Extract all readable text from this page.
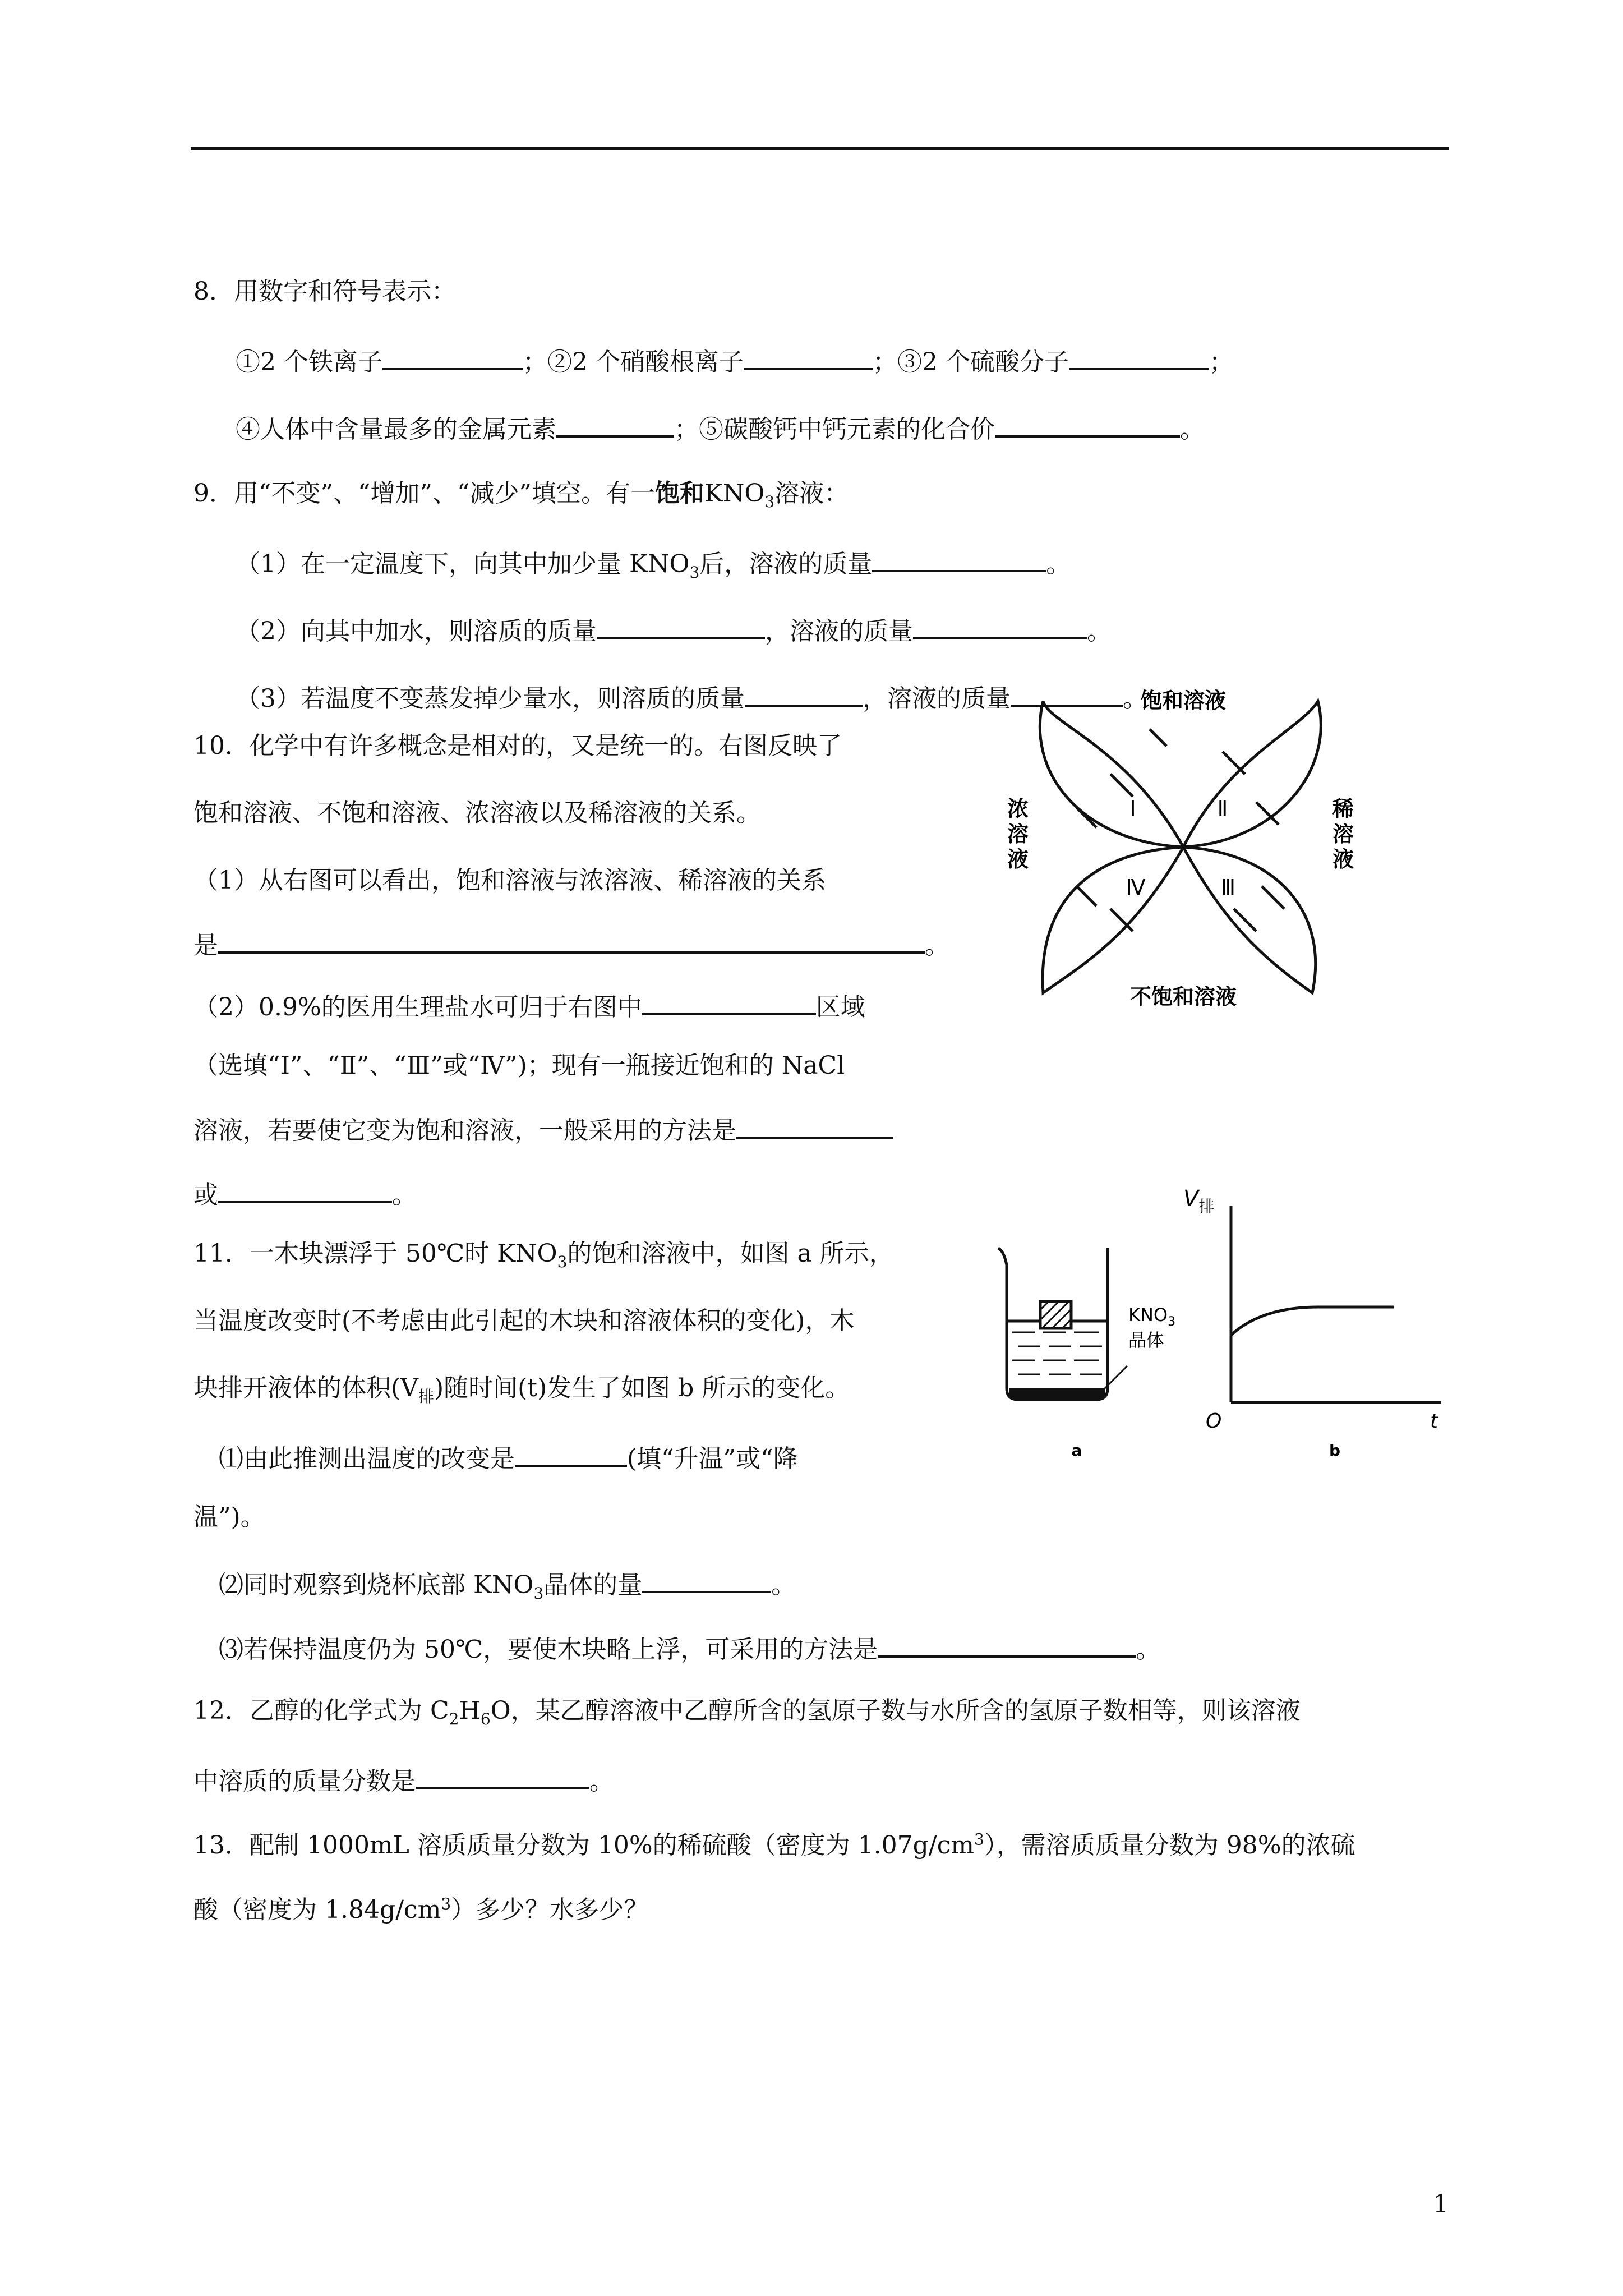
8．用数字和符号表示：
①2 个铁离子	；②2 个硝酸根离子	；③2 个硫酸分子	；
④人体中含量最多的金属元素	；⑤碳酸钙中钙元素的化合价	。
9．用“不变”、“增加”、“减少”填空。有一饱和$KNO_3$溶液：
（1）在一定温度下，向其中加少量 $KNO_3$后，溶液的质量	。
（2）向其中加水，则溶质的质量	，溶液的质量	。
（3）若温度不变蒸发掉少量水，则溶质的质量	，溶液的质量	。
10．化学中有许多概念是相对的，又是统一的。右图反映了
饱和溶液、不饱和溶液、浓溶液以及稀溶液的关系。
（1）从右图可以看出，饱和溶液与浓溶液、稀溶液的关系
是	。
（2）0.9%的医用生理盐水可归于右图中	区域
（选填“Ⅰ”、“Ⅱ”、“Ⅲ”或“Ⅳ”)；现有一瓶接近饱和的 NaCl
溶液，若要使它变为饱和溶液，一般采用的方法是
或	。
饱和溶液
不饱和溶液
浓
溶
液
稀
溶
液
Ⅰ	Ⅱ
Ⅲ
Ⅳ
11．一木块漂浮于 50℃时 $KNO_3$的饱和溶液中，如图 a 所示，
当温度改变时(不考虑由此引起的木块和溶液体积的变化)，木
块排开液体的体积$(V_排)$随时间(t)发生了如图 b 所示的变化。
⑴由此推测出温度的改变是	(填“升温”或“降
温”)。
⑵同时观察到烧杯底部 $KNO_3$晶体的量	。
⑶若保持温度仍为 50℃，要使木块略上浮，可采用的方法是	。
$KNO_3$
晶体
a
$V_排$
t
O
b
12．乙醇的化学式为 $C_2H_6O$，某乙醇溶液中乙醇所含的氢原子数与水所含的氢原子数相等，则该溶液
中溶质的质量分数是	。
13．配制 1000mL 溶质质量分数为 10%的稀硫酸（密度为 $1.07g/cm^3$），需溶质质量分数为 98%的浓硫
酸（密度为 $1.84g/cm^3$）多少？水多少？
1
